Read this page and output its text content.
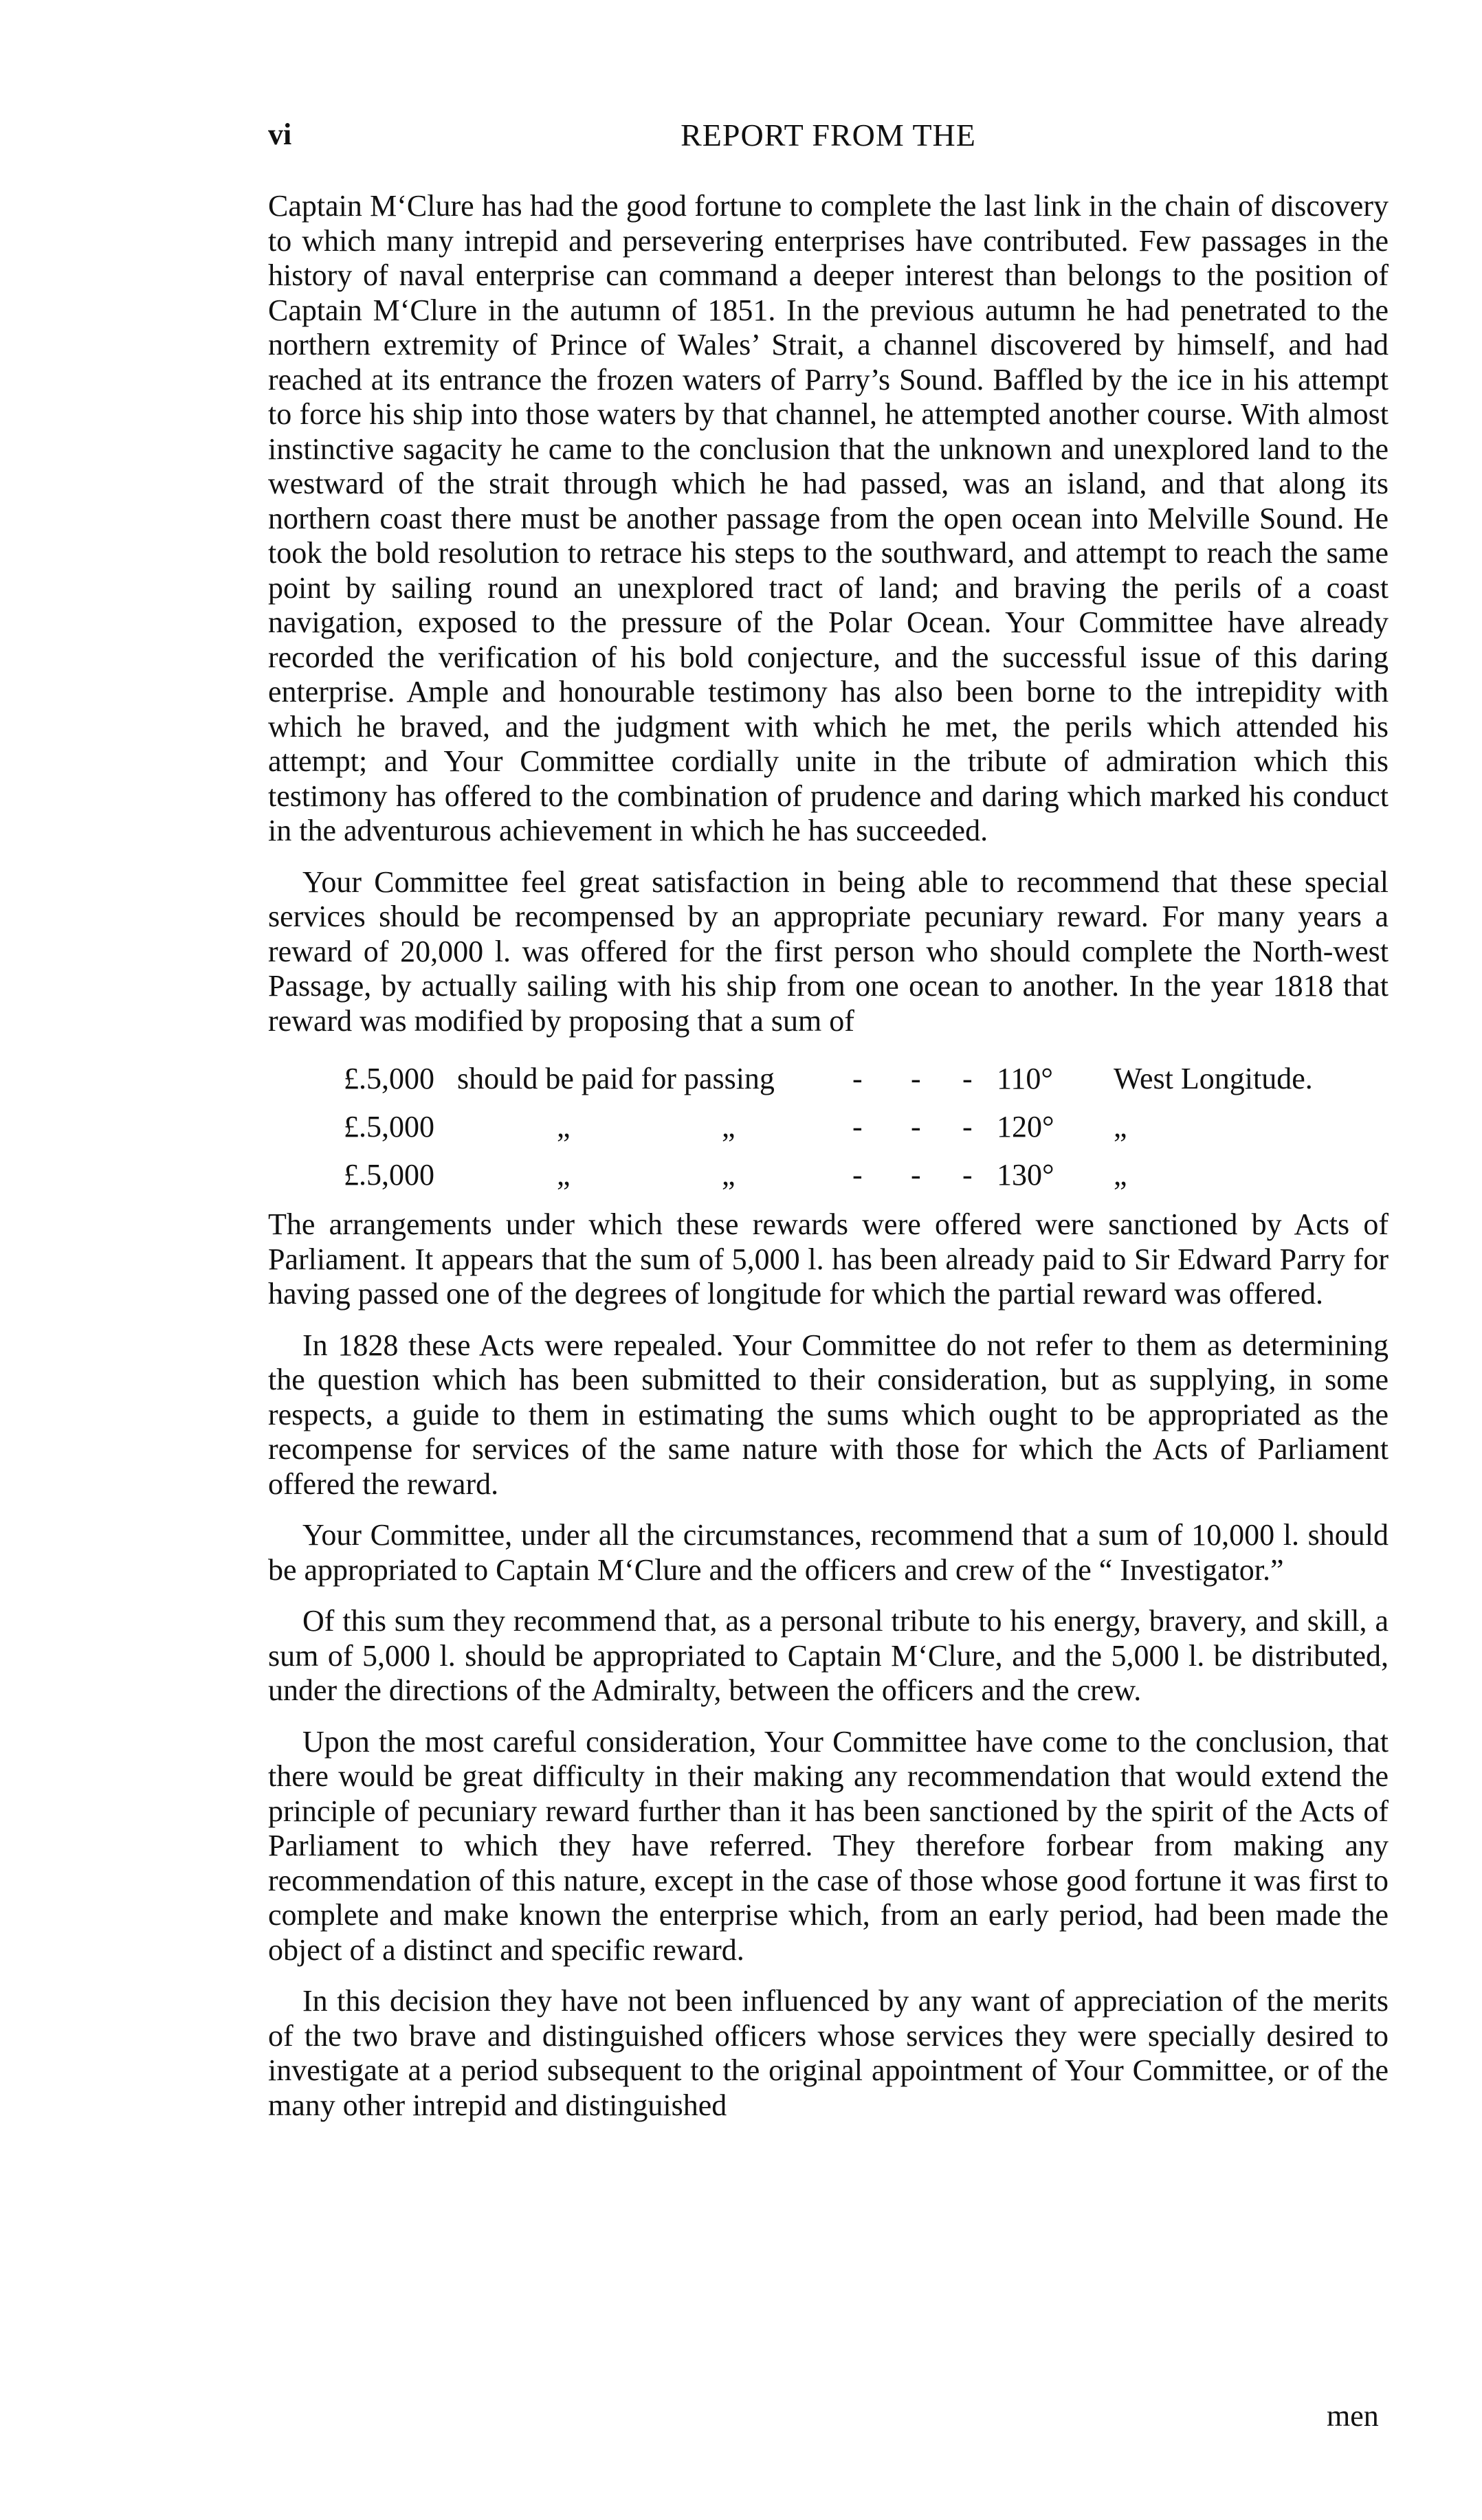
vi	REPORT FROM THE

Captain M‘Clure has had the good fortune to complete the last link in the chain of discovery to which many intrepid and persevering enterprises have contributed. Few passages in the history of naval enterprise can command a deeper interest than belongs to the position of Captain M‘Clure in the autumn of 1851. In the previous autumn he had penetrated to the northern extremity of Prince of Wales’ Strait, a channel discovered by himself, and had reached at its entrance the frozen waters of Parry’s Sound. Baffled by the ice in his attempt to force his ship into those waters by that channel, he attempted another course. With almost instinctive sagacity he came to the conclusion that the unknown and unexplored land to the westward of the strait through which he had passed, was an island, and that along its northern coast there must be another passage from the open ocean into Melville Sound. He took the bold resolution to retrace his steps to the southward, and attempt to reach the same point by sailing round an unexplored tract of land; and braving the perils of a coast navigation, exposed to the pressure of the Polar Ocean. Your Committee have already recorded the verification of his bold conjecture, and the successful issue of this daring enterprise. Ample and honourable testimony has also been borne to the intrepidity with which he braved, and the judgment with which he met, the perils which attended his attempt; and Your Committee cordially unite in the tribute of admiration which this testimony has offered to the combination of prudence and daring which marked his conduct in the adventurous achievement in which he has succeeded.

Your Committee feel great satisfaction in being able to recommend that these special services should be recompensed by an appropriate pecuniary reward. For many years a reward of 20,000 l. was offered for the first person who should complete the North-west Passage, by actually sailing with his ship from one ocean to another. In the year 1818 that reward was modified by proposing that a sum of

£.5,000 should be paid for passing	- - - 110° West Longitude.
£.5,000	„	„	- - - 120° „
£.5,000	„	„	- - - 130° „

The arrangements under which these rewards were offered were sanctioned by Acts of Parliament. It appears that the sum of 5,000 l. has been already paid to Sir Edward Parry for having passed one of the degrees of longitude for which the partial reward was offered.

In 1828 these Acts were repealed. Your Committee do not refer to them as determining the question which has been submitted to their consideration, but as supplying, in some respects, a guide to them in estimating the sums which ought to be appropriated as the recompense for services of the same nature with those for which the Acts of Parliament offered the reward.

Your Committee, under all the circumstances, recommend that a sum of 10,000 l. should be appropriated to Captain M‘Clure and the officers and crew of the “ Investigator.”

Of this sum they recommend that, as a personal tribute to his energy, bravery, and skill, a sum of 5,000 l. should be appropriated to Captain M‘Clure, and the 5,000 l. be distributed, under the directions of the Admiralty, between the officers and the crew.

Upon the most careful consideration, Your Committee have come to the conclusion, that there would be great difficulty in their making any recommendation that would extend the principle of pecuniary reward further than it has been sanctioned by the spirit of the Acts of Parliament to which they have referred. They therefore forbear from making any recommendation of this nature, except in the case of those whose good fortune it was first to complete and make known the enterprise which, from an early period, had been made the object of a distinct and specific reward.

In this decision they have not been influenced by any want of appreciation of the merits of the two brave and distinguished officers whose services they were specially desired to investigate at a period subsequent to the original appointment of Your Committee, or of the many other intrepid and distinguished

men
